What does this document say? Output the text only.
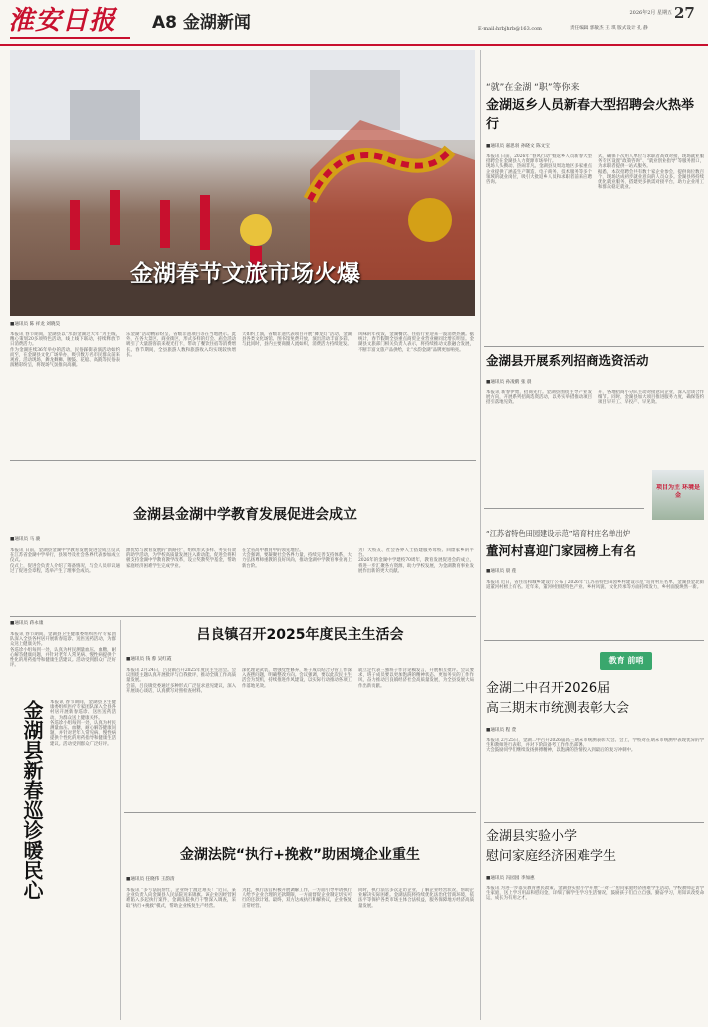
淮安日报	A8 金湖新闻	27
2026年2月 星期五
E-mail:hrbjhrb@163.com	责任编辑 郭敏杰 王 琪 版式设计 孔 静
金湖春节文旅市场火爆
■通讯员 陈 祥龙 刘晓昊
本报讯 春节期间，金湖县以“水韵金湖过大年”为主线，精心策划20多项特色活动，线上线下联动，持续释放节日消费活力。
作为金湖连续36年举办的活动，民俗踩街表演活动如约而至，在金湖县文化广场举办，吸引数万名市民群众前来观看。活动现场，舞龙舞狮、腰鼓、花船、高跷等民俗表演精彩纷呈，将现场气氛推向高潮。
乐金湖”活动精彩纷呈，省级非遗项目等在当地展示。此外，在各大景区、商业街区，形式多样的灯会、庙会活动吸引了大量游客前来观光打卡，带动了餐饮住宿等消费增长。春节期间，全县旅游人数和旅游收入均实现较快增长。
天如约上演，省级非遗代表项目开展“舞龙灯”活动，金湖县各类文化场馆、图书馆免费开放，演出活动丰富多彩。与此同时，县内主要商圈人流如织，消费活力持续迸发。
风味的年夜饭，金湖餐饮、住宿行业迎来一波消费热潮。据统计，春节假期全县重点商贸企业营业额同比增长明显。金湖县文旅部门相关负责人表示，将持续推动文旅融合发展，不断丰富文旅产品供给，让“水韵金湖”品牌更加响亮。
“就”在金湖 “职”等你来
金湖返乡人员新春大型招聘会火热举行
■通讯员 嘉思羽 孙晓文 陈文宝
本报讯 日前，2026年“春风行动”暨返乡人员新春大型招聘会在金湖县人力资源市场举行。
现场人头攒动、热闹非凡。金湖县及周边地区多家重点企业提供了涵盖生产制造、电子商务、技术服务等多个领域的就业岗位，吸引大批返乡人员和求职者前来应聘咨询。
式，确保下次用人单位与求职者高效对接，现场就业服务专区设置“政策咨询”、“就业创业指导”等服务窗口，为求职者提供一站式服务。
据悉，本次招聘会共有数十家企业参会，提供岗位数百个，现场达成初步就业意向的人员众多。金湖县将持续优化就业服务，搭建更多供需对接平台，助力企业用工和群众稳定就业。
金湖县开展系列招商选资活动
■通讯员 孙凌鹤 张 晨
本报讯 新春伊始，招商先行。金湖县围绕主导产业发展方向，开展系列招商选资活动，以务实举措推动项目招引落地见效。
开，各地招商小分队主动对接意向企业，深入洽谈合作细节。同时，金湖县加大项目推进服务力度，确保签约项目早开工、早投产、早见效。
项目为主 环境是金
“江苏省特色田园建设示范”培育村庄名单出炉
董河村喜迎门家园榜上有名
■通讯员 晨 莲
本报讯 近日，省住房和城乡建设厅公布了2026年“江苏省特色田园乡村建设示范”培育村庄名单，金湖县金北街道董河村榜上有名。近年来，董河村围绕特色产业、乡村风貌、文化传承等方面持续发力，乡村面貌焕然一新。
教育 前哨
金湖二中召开2026届
高三期末市统测表彰大会
■通讯员 程 萱
本报讯 2月25日，金湖二中召开2026届高三期末市统测表彰大会。会上，学校对在期末市统测中表现优异的学生和教师进行表彰，并对下阶段备考工作作出部署。
大会鼓励同学们继续发扬拼搏精神，以饱满的热情投入到最后的复习冲刺中。
金湖县实验小学
慰问家庭经济困难学生
■通讯员 冯园园 李加惠
本报讯 为进一步落实教育惠民政策，金湖县实验小学开展“一对一”慰问家庭经济困难学生活动。学校教师走访学生家庭，送上学习用品和慰问金，详细了解学生学习生活情况，鼓励孩子们自立自强、勤奋学习，用知识改变命运，成长为有用之才。
金湖县金湖中学教育发展促进会成立
■通讯员 马 骏
本报讯 日前，金湖县金湖中学教育发展促进会成立仪式在江苏省金湖中学举行，县领导及社会各界代表参加成立仪式。
仪式上，促进会负责人介绍了筹备情况，与会人员审议通过了促进会章程，选举产生了理事会成员。
源优势与教育发展的“新路径”，组织形式多样、务实有效的助学活动，为学校高质量发展注入新动能。促进会将积极支持金湖中学教育教学改革，设立奖教奖学基金，帮助家庭经济困难学生完成学业。
在全省高中教育中的领先地位。
大会强调，要凝聚社会各界力量，持续完善支持体系，大力弘扬尊师重教的良好风尚，推动金湖中学教育事业再上新台阶。
为广大校友、社会各界人士搭建服务母校、回馈家乡的平台。
2026年的金湖中学建校70周年，教育发展促进会的成立，将进一步汇聚各方资源，助力学校发展，为金湖教育事业发展作出新的更大贡献。
■通讯员 蒋永康
本报讯 春节期间，金湖县卫生健康委组织医疗专家团队深入全县各村居开展新春巡诊、送医送药活动，为群众送上健康关怀。
各巡诊小组每到一处，认真为村民测量血压、血糖，耐心解答健康问题，并针对老年人常见病、慢性病提供个性化的用药指导和健康生活建议。活动受到群众广泛好评。
金湖县新春巡诊暖民心 本报讯 春节期间，金湖县卫生健康委组织医疗专家团队深入全县各村居开展新春巡诊、送医送药活动，为群众送上健康关怀。
各巡诊小组每到一处，认真为村民测量血压、血糖，耐心解答健康问题，并针对老年人常见病、慢性病提供个性化的用药指导和健康生活建议。活动受到群众广泛好评。
吕良镇召开2025年度民主生活会
■通讯员 钱 蓉 吴红霞
本报讯 2月24日，吕良镇召开2025年度民主生活会。会议围绕主题认真开展批评与自我批评，推动全镇工作高质量发展。
会前，吕良镇党委通过多种形式广泛征求意见建议，深入开展谈心谈话，认真撰写对照检查材料。
深化理论武装，增强党性修养，班子成员结合分管工作深入查摆问题，明确整改方向。会议强调，要以此次民主生活会为契机，持续推进作风建设，以实际行动推动各项工作落地见效。
就立足代表三强班子作讨论稿发言，开展相互批评。会议要求，班子成员要以更加饱满的精神状态、更加务实的工作作风，奋力推动吕良镇经济社会高质量发展，为全县发展大局作出新贡献。
金湖法院“执行+挽救”助困境企业重生
■通讯员 任晓伟 王韵清
本报讯 “多亏法院帮忙，企业终于渡过难关！”近日，某企业负责人向金湖县人民法院送来锦旗。该企业因经营困难陷入多起执行案件，金湖法院执行干警深入调查，采取“执行+挽救”模式，帮助企业恢复生产经营。
为此，执行法官积极开展调解工作，一方面引导申请执行人给予企业合理的还款期限，一方面督促企业制定切实可行的还款计划。最终，双方达成执行和解协议，企业恢复正常经营。
同时，执行法官多次走访企业，了解企业经营状况，帮助企业解决实际困难。金湖法院将持续优化法治化营商环境，依法平等保护各类市场主体合法权益，服务保障地方经济高质量发展。
